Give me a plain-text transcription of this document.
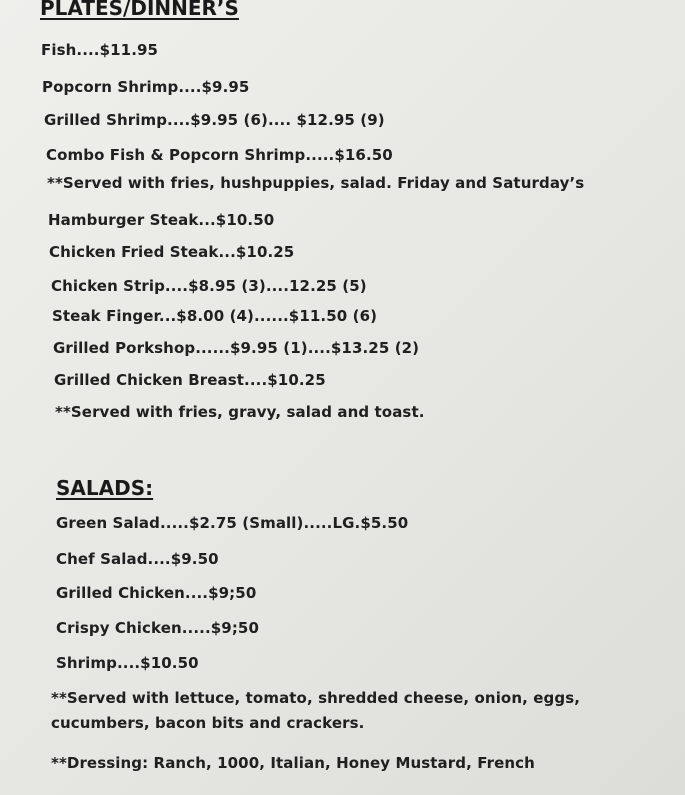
PLATES/DINNER’S
Fish....$11.95
Popcorn Shrimp....$9.95
Grilled Shrimp....$9.95 (6).... $12.95 (9)
Combo Fish & Popcorn Shrimp.....$16.50
**Served with fries, hushpuppies, salad. Friday and Saturday’s
Hamburger Steak...$10.50
Chicken Fried Steak...$10.25
Chicken Strip....$8.95 (3)....12.25 (5)
Steak Finger...$8.00 (4)......$11.50 (6)
Grilled Porkshop......$9.95 (1)....$13.25 (2)
Grilled Chicken Breast....$10.25
**Served with fries, gravy, salad and toast.
SALADS:
Green Salad.....$2.75 (Small).....LG.$5.50
Chef Salad....$9.50
Grilled Chicken....$9;50
Crispy Chicken.....$9;50
Shrimp....$10.50
**Served with lettuce, tomato, shredded cheese, onion, eggs, cucumbers, bacon bits and crackers.
**Dressing: Ranch, 1000, Italian, Honey Mustard, French
